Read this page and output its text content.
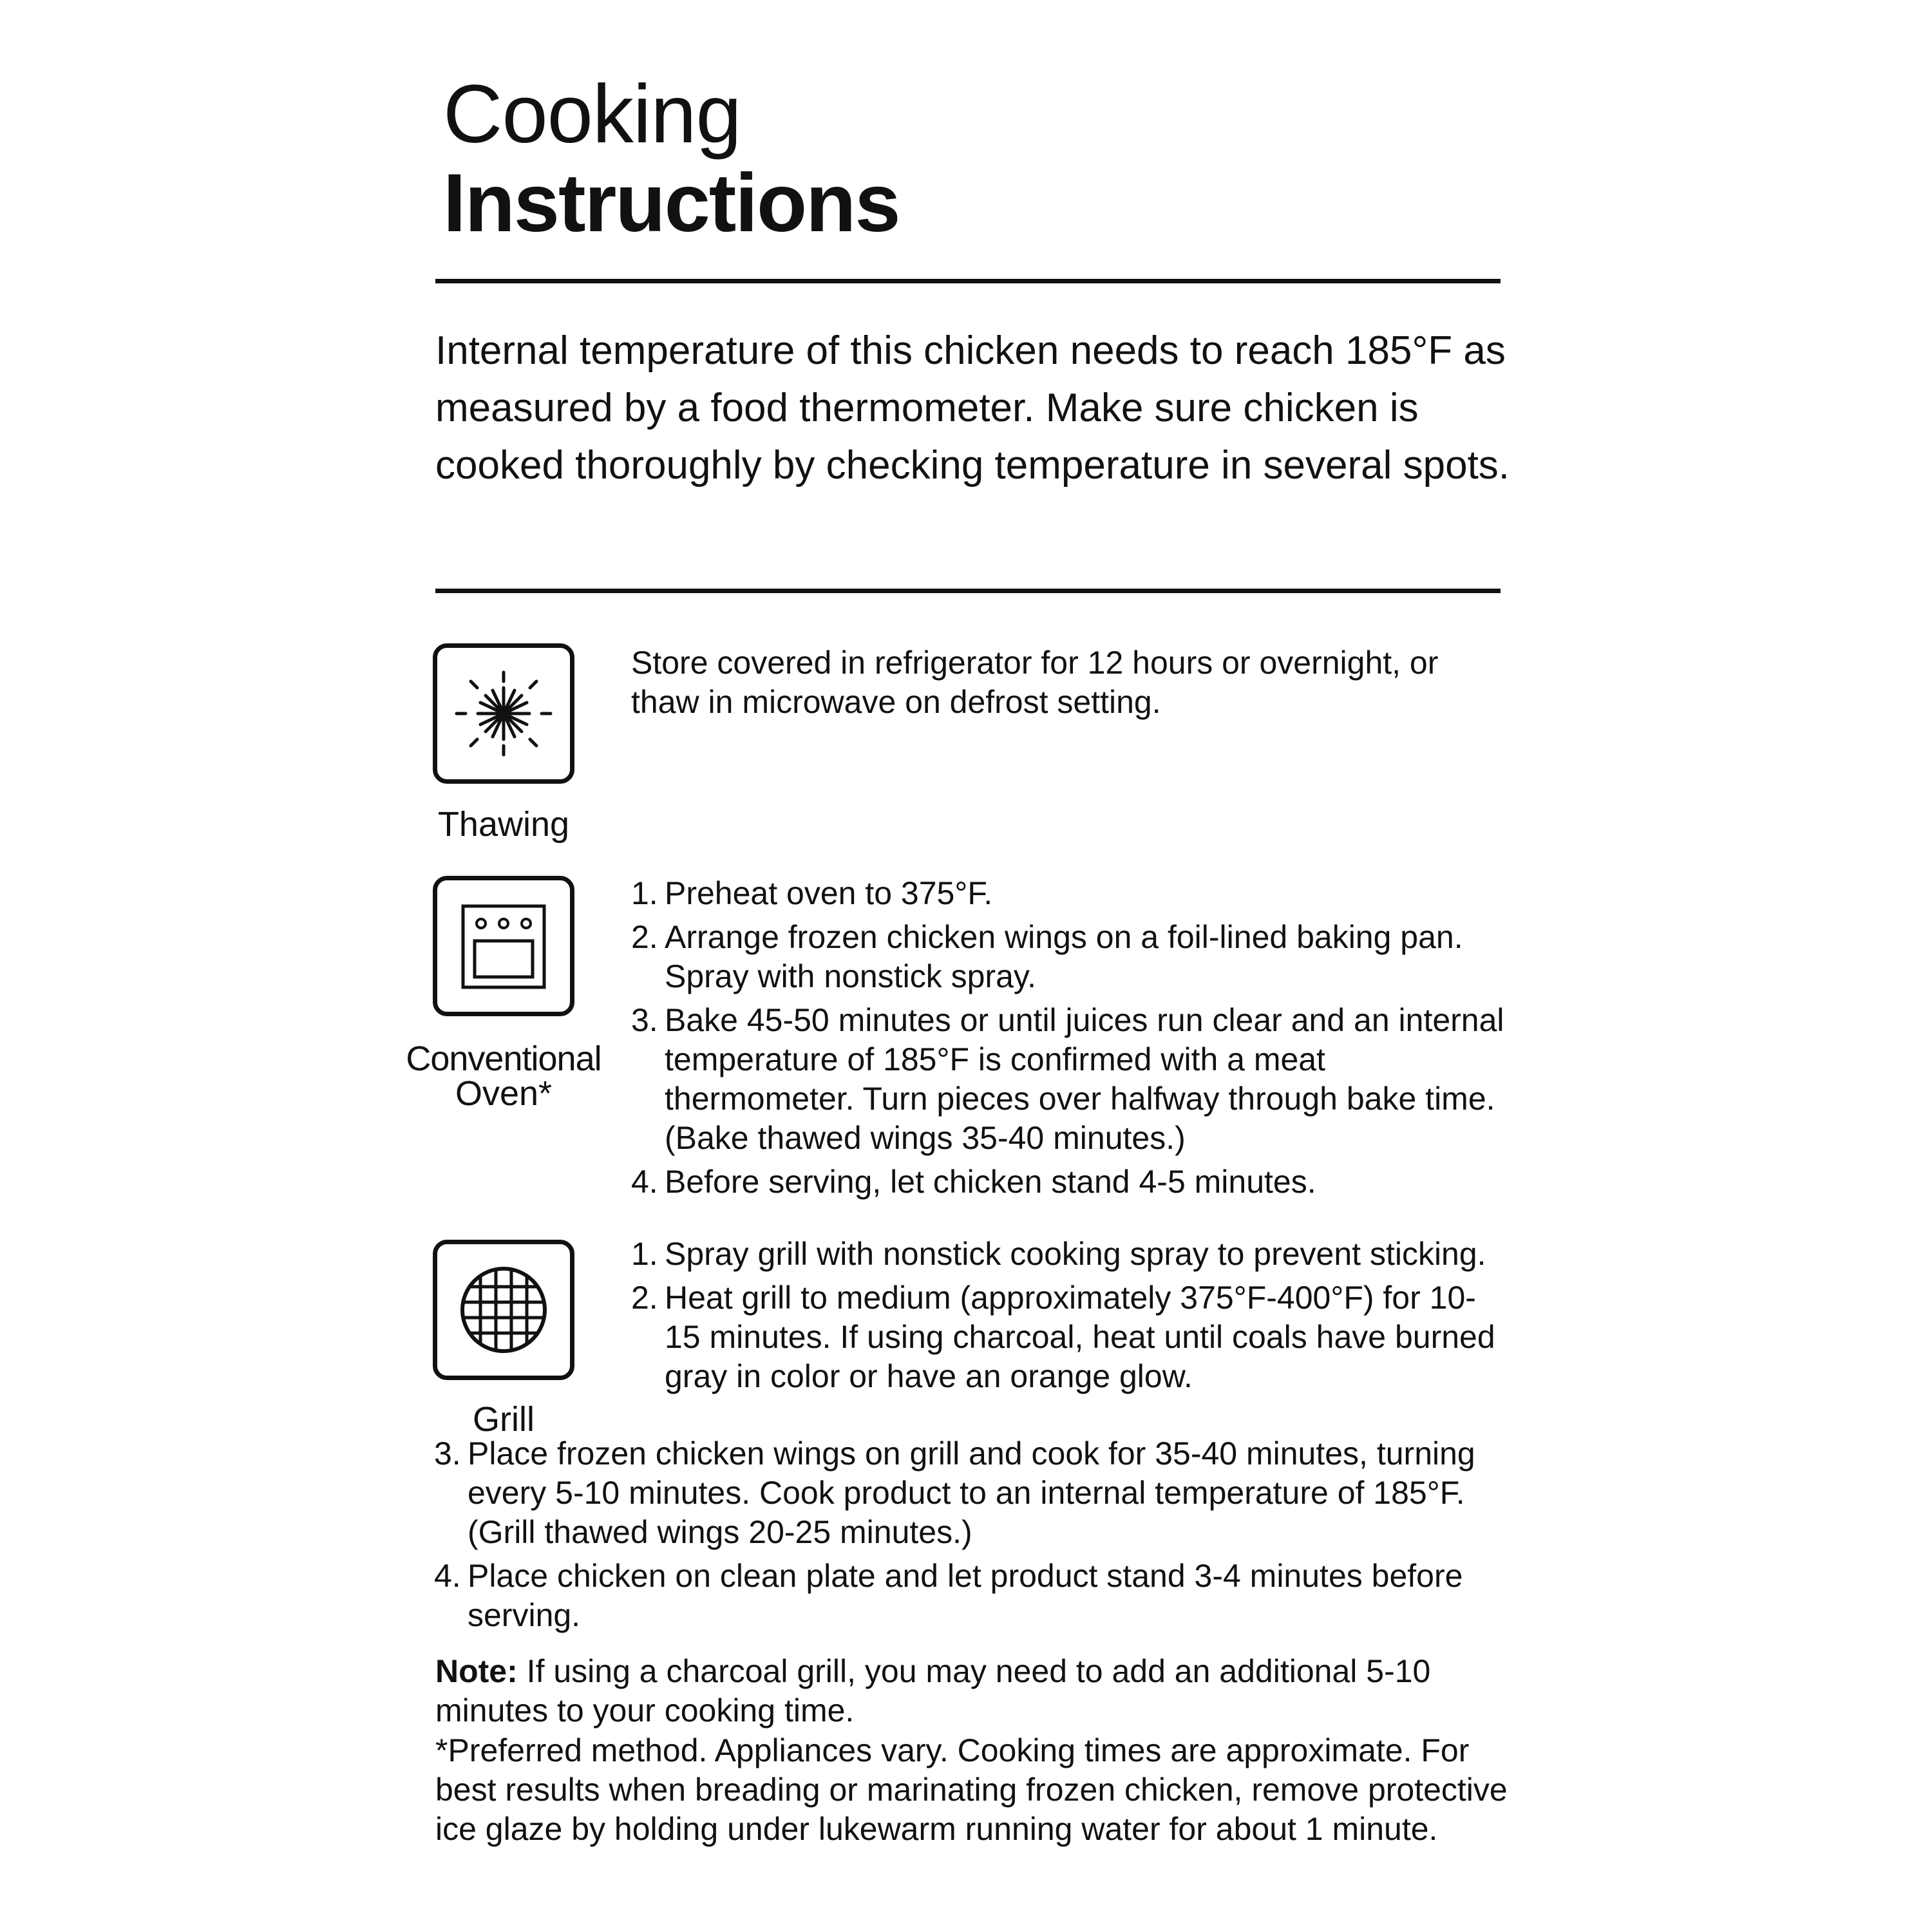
Cooking
Instructions

Internal temperature of this chicken needs to reach 185°F as measured by a food thermometer. Make sure chicken is cooked thoroughly by checking temperature in several spots.

Thawing

Store covered in refrigerator for 12 hours or overnight, or thaw in microwave on defrost setting.

Conventional
Oven*
1. Preheat oven to 375°F.
2. Arrange frozen chicken wings on a foil-lined baking pan. Spray with nonstick spray.
3. Bake 45-50 minutes or until juices run clear and an internal temperature of 185°F is confirmed with a meat thermometer. Turn pieces over halfway through bake time. (Bake thawed wings 35-40 minutes.)
4. Before serving, let chicken stand 4-5 minutes.
Grill
1. Spray grill with nonstick cooking spray to prevent sticking.
2. Heat grill to medium (approximately 375°F-400°F) for 10-15 minutes. If using charcoal, heat until coals have burned gray in color or have an orange glow.
3. Place frozen chicken wings on grill and cook for 35-40 minutes, turning every 5-10 minutes. Cook product to an internal temperature of 185°F. (Grill thawed wings 20-25 minutes.)
4. Place chicken on clean plate and let product stand 3-4 minutes before serving.

Note: If using a charcoal grill, you may need to add an additional 5-10 minutes to your cooking time.

*Preferred method. Appliances vary. Cooking times are approximate. For best results when breading or marinating frozen chicken, remove protective ice glaze by holding under lukewarm running water for about 1 minute.
